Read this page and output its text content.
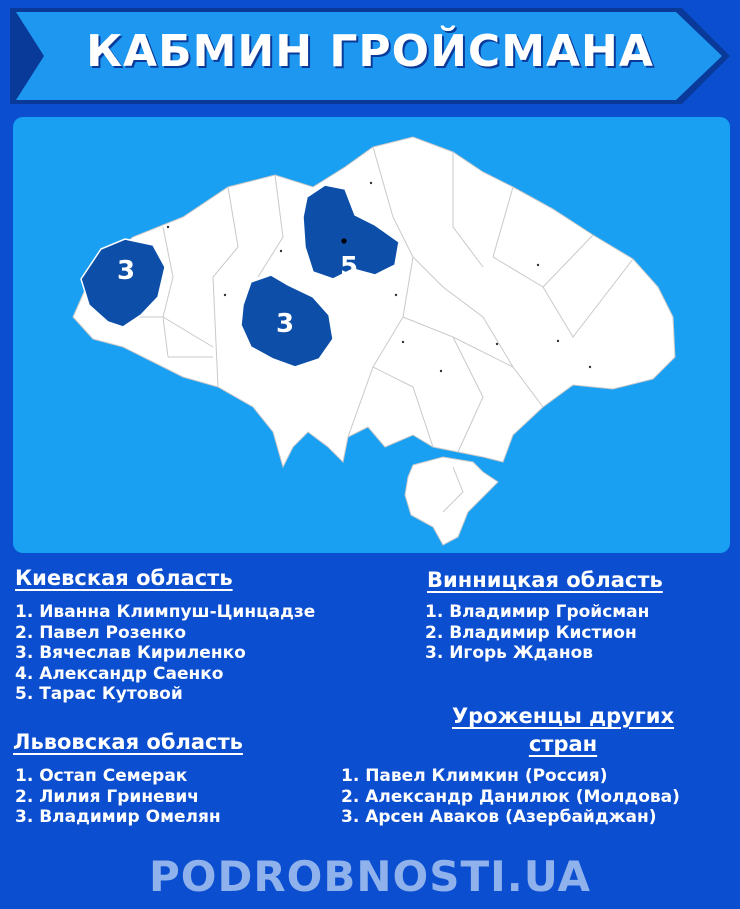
КАБМИН ГРОЙСМАНА
3
3
5
Киевская область
1. Иванна Климпуш-Цинцадзе
2. Павел Розенко
3. Вячеслав Кириленко
4. Александр Саенко
5. Тарас Кутовой
Винницкая область
1. Владимир Гройсман
2. Владимир Кистион
3. Игорь Жданов
Львовская область
1. Остап Семерак
2. Лилия Гриневич
3. Владимир Омелян
Уроженцы других
стран
1. Павел Климкин (Россия)
2. Александр Данилюк (Молдова)
3. Арсен Аваков (Азербайджан)
PODROBNOSTI.UA
